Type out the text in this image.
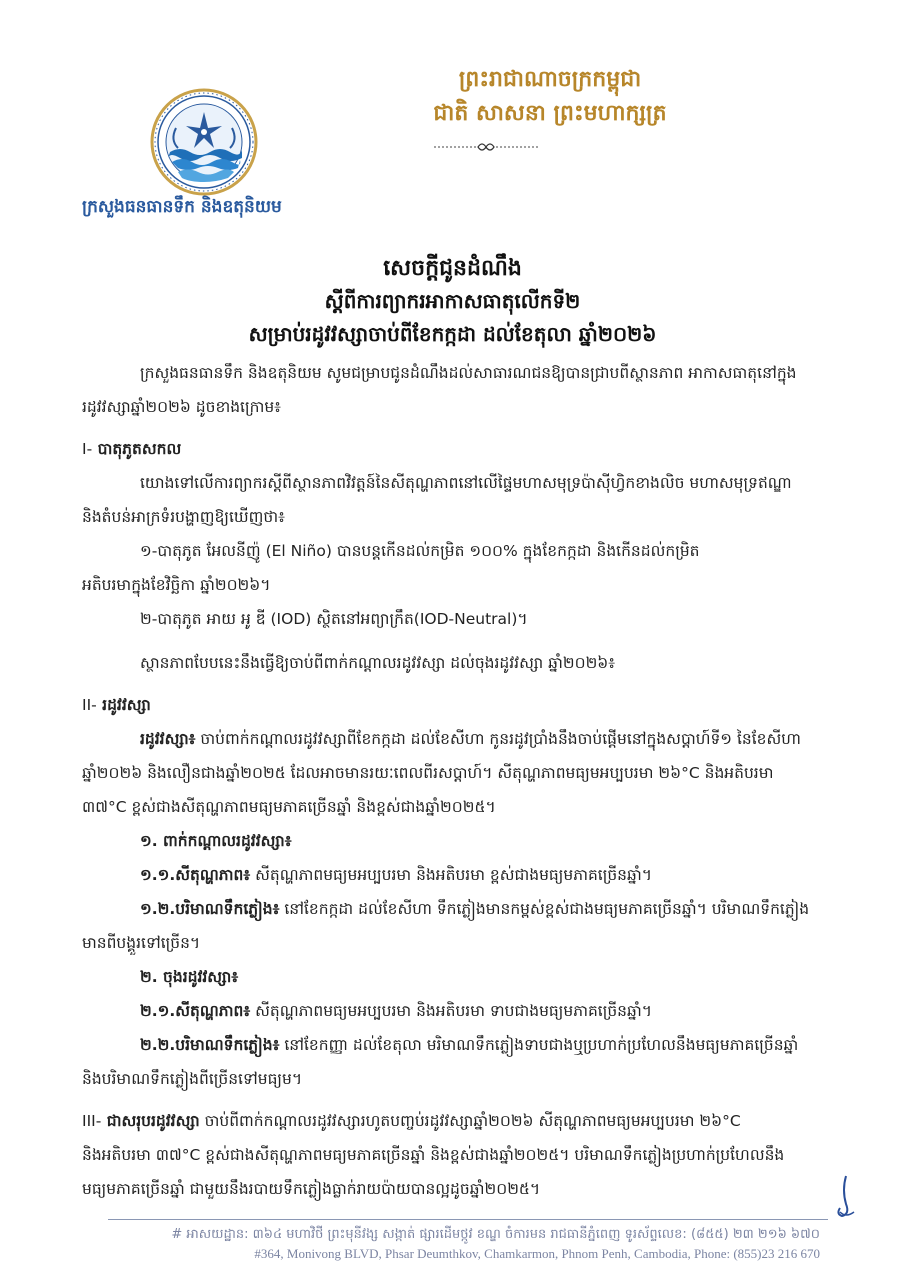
ក្រសួងធនធានទឹក និងឧតុនិយម
ព្រះរាជាណាចក្រកម្ពុជា
ជាតិ សាសនា ព្រះមហាក្សត្រ
សេចក្តីជូនដំណឹង
ស្តីពីការព្យាករអាកាសធាតុលើកទី២
សម្រាប់រដូវវស្សាចាប់ពីខែកក្កដា ដល់ខែតុលា ឆ្នាំ២០២៦

ក្រសួងធនធានទឹក និងឧតុនិយម សូមជម្រាបជូនដំណឹងដល់សាធារណជនឱ្យបានជ្រាបពីស្ថានភាព អាកាសធាតុនៅក្នុងរដូវវស្សាឆ្នាំ២០២៦ ដូចខាងក្រោម៖

I- បាតុភូតសកល

យោងទៅលើការព្យាករស្តីពីស្ថានភាពវិវត្តន៍នៃសីតុណ្ហភាពនៅលើផ្ទៃមហាសមុទ្រប៉ាស៊ីហ្វិកខាងលិច មហាសមុទ្រឥណ្ឌា និងតំបន់អាក្រទំរបង្ហាញឱ្យឃើញថា៖

១-បាតុភូត អែលនីញ៉ូ (El Niño) បានបន្តកើនដល់កម្រិត ១០០% ក្នុងខែកក្កដា និងកើនដល់កម្រិត

អតិបរមាក្នុងខែវិច្ឆិកា ឆ្នាំ២០២៦។

២-បាតុភូត អាយ អូ ឌី (IOD) ស្ថិតនៅអព្យាក្រឹត(IOD-Neutral)។

ស្ថានភាពបែបនេះនឹងធ្វើឱ្យចាប់ពីពាក់កណ្តាលរដូវវស្សា ដល់ចុងរដូវវស្សា ឆ្នាំ២០២៦៖

II- រដូវវស្សា

រដូវវស្សា៖ ចាប់ពាក់កណ្តាលរដូវវស្សាពីខែកក្កដា ដល់ខែសីហា កូនរដូវប្រាំងនឹងចាប់ផ្តើមនៅក្នុងសប្តាហ៍ទី១ នៃខែសីហា ឆ្នាំ២០២៦ និងលឿនជាងឆ្នាំ២០២៥ ដែលអាចមានរយៈពេលពីរសប្តាហ៍។ សីតុណ្ហភាពមធ្យមអប្បបរមា ២៦°C និងអតិបរមា ៣៧°C ខ្ពស់ជាងសីតុណ្ហភាពមធ្យមភាគច្រើនឆ្នាំ និងខ្ពស់ជាងឆ្នាំ២០២៥។

១. ពាក់កណ្តាលរដូវវស្សា៖

១.១.សីតុណ្ហភាព៖ សីតុណ្ហភាពមធ្យមអប្បបរមា និងអតិបរមា ខ្ពស់ជាងមធ្យមភាគច្រើនឆ្នាំ។

១.២.បរិមាណទឹកភ្លៀង៖ នៅខែកក្កដា ដល់ខែសីហា ទឹកភ្លៀងមានកម្ពស់ខ្ពស់ជាងមធ្យមភាគច្រើនឆ្នាំ។ បរិមាណទឹកភ្លៀងមានពីបង្គួរទៅច្រើន។

២. ចុងរដូវវស្សា៖

២.១.សីតុណ្ហភាព៖ សីតុណ្ហភាពមធ្យមអប្បបរមា និងអតិបរមា ទាបជាងមធ្យមភាគច្រើនឆ្នាំ។

២.២.បរិមាណទឹកភ្លៀង៖ នៅខែកញ្ញា ដល់ខែតុលា មរិមាណទឹកភ្លៀងទាបជាងឬប្រហាក់ប្រហែលនឹងមធ្យមភាគច្រើនឆ្នាំ និងបរិមាណទឹកភ្លៀងពីច្រើនទៅមធ្យម។

III- ជាសរុបរដូវវស្សា ចាប់ពីពាក់កណ្តាលរដូវវស្សារហូតបញ្ចប់រដូវវស្សាឆ្នាំ២០២៦ សីតុណ្ហភាពមធ្យមអប្បបរមា ២៦°C និងអតិបរមា ៣៧°C ខ្ពស់ជាងសីតុណ្ហភាពមធ្យមភាគច្រើនឆ្នាំ និងខ្ពស់ជាងឆ្នាំ២០២៥។ បរិមាណទឹកភ្លៀងប្រហាក់ប្រហែលនឹងមធ្យមភាគច្រើនឆ្នាំ ជាមួយនឹងរបាយទឹកភ្លៀងធ្លាក់រាយប៉ាយបានល្អដូចឆ្នាំ២០២៥។

# អាសយដ្ឋាន: ៣៦៤ មហាវិថី ព្រះមុនីវង្ស សង្កាត់ ផ្សារដើមថ្កូវ ខណ្ឌ ចំការមន រាជធានីភ្នំពេញ ទូរស័ព្ទលេខ: (៨៥៥) ២៣ ២១៦ ៦៧០
#364, Monivong BLVD, Phsar Deumthkov, Chamkarmon, Phnom Penh, Cambodia, Phone: (855)23 216 670
